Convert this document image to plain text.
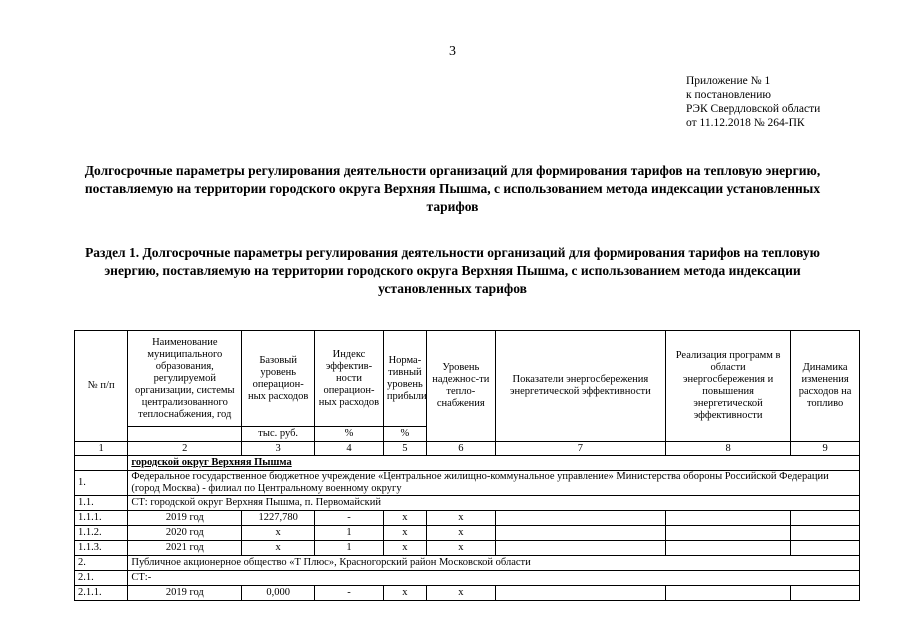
3
Приложение № 1
к постановлению
РЭК Свердловской области
от 11.12.2018 № 264-ПК
Долгосрочные параметры регулирования деятельности организаций для формирования тарифов на тепловую энергию, поставляемую на территории городского округа Верхняя Пышма, с использованием метода индексации установленных тарифов
Раздел 1. Долгосрочные параметры регулирования деятельности организаций для формирования тарифов на тепловую энергию, поставляемую на территории городского округа Верхняя Пышма, с использованием метода индексации установленных тарифов
№ п/п	Наименование муниципального образования, регулируемой организации, системы централизованного теплоснабжения, год	Базовый уровень операцион-ных расходов	Индекс эффектив-ности операцион-ных расходов	Норма-тивный уровень прибыли	Уровень надежнос-ти тепло-снабжения	Показатели энергосбережения энергетической эффективности	Реализация программ в области энергосбережения и повышения энергетической эффективности	Динамика изменения расходов на топливо
		тыс. руб.	%	%				
1	2	3	4	5	6	7	8	9
	городской округ Верхняя Пышма							
1.	Федеральное государственное бюджетное учреждение «Центральное жилищно-коммунальное управление» Министерства обороны Российской Федерации (город Москва) - филиал по Центральному военному округу							
1.1.	СТ: городской округ Верхняя Пышма, п. Первомайский							
1.1.1.	2019 год	1227,780	-	х	х			
1.1.2.	2020 год	х	1	х	х			
1.1.3.	2021 год	х	1	х	х			
2.	Публичное акционерное общество «Т Плюс», Красногорский район Московской области							
2.1.	СТ:-							
2.1.1.	2019 год	0,000	-	х	х			
